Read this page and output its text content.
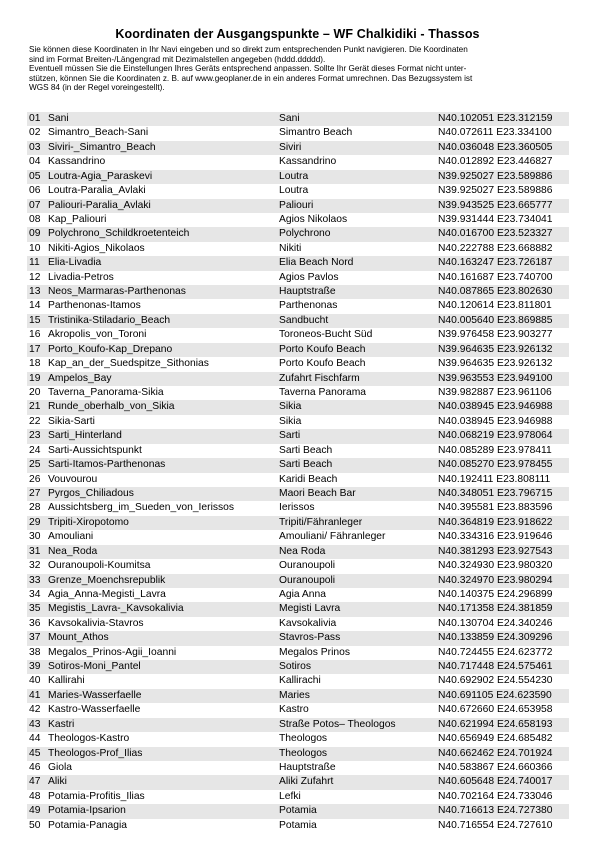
Koordinaten der Ausgangspunkte – WF Chalkidiki - Thassos
Sie können diese Koordinaten in Ihr Navi eingeben und so direkt zum entsprechenden Punkt navigieren. Die Koordinaten
sind im Format Breiten-/Längengrad mit Dezimalstellen angegeben (hddd.ddddd).
Eventuell müssen Sie die Einstellungen Ihres Geräts entsprechend anpassen. Sollte Ihr Gerät dieses Format nicht unter-
stützen, können Sie die Koordinaten z. B. auf www.geoplaner.de in ein anderes Format umrechnen. Das Bezugssystem ist
WGS 84 (in der Regel voreingestellt).
01 Sani	Sani	N40.102051 E23.312159
02 Simantro_Beach-Sani	Simantro Beach	N40.072611 E23.334100
03 Siviri-_Simantro_Beach	Siviri	N40.036048 E23.360505
04 Kassandrino	Kassandrino	N40.012892 E23.446827
05 Loutra-Agia_Paraskevi	Loutra	N39.925027 E23.589886
06 Loutra-Paralia_Avlaki	Loutra	N39.925027 E23.589886
07 Paliouri-Paralia_Avlaki	Paliouri	N39.943525 E23.665777
08 Kap_Paliouri	Agios Nikolaos	N39.931444 E23.734041
09 Polychrono_Schildkroetenteich	Polychrono	N40.016700 E23.523327
10 Nikiti-Agios_Nikolaos	Nikiti	N40.222788 E23.668882
11 Elia-Livadia	Elia Beach Nord	N40.163247 E23.726187
12 Livadia-Petros	Agios Pavlos	N40.161687 E23.740700
13 Neos_Marmaras-Parthenonas	Hauptstraße	N40.087865 E23.802630
14 Parthenonas-Itamos	Parthenonas	N40.120614 E23.811801
15 Tristinika-Stiladario_Beach	Sandbucht	N40.005640 E23.869885
16 Akropolis_von_Toroni	Toroneos-Bucht Süd	N39.976458 E23.903277
17 Porto_Koufo-Kap_Drepano	Porto Koufo Beach	N39.964635 E23.926132
18 Kap_an_der_Suedspitze_Sithonias	Porto Koufo Beach	N39.964635 E23.926132
19 Ampelos_Bay	Zufahrt Fischfarm	N39.963553 E23.949100
20 Taverna_Panorama-Sikia	Taverna Panorama	N39.982887 E23.961106
21 Runde_oberhalb_von_Sikia	Sikia	N40.038945 E23.946988
22 Sikia-Sarti	Sikia	N40.038945 E23.946988
23 Sarti_Hinterland	Sarti	N40.068219 E23.978064
24 Sarti-Aussichtspunkt	Sarti Beach	N40.085289 E23.978411
25 Sarti-Itamos-Parthenonas	Sarti Beach	N40.085270 E23.978455
26 Vouvourou	Karidi Beach	N40.192411 E23.808111
27 Pyrgos_Chiliadous	Maori Beach Bar	N40.348051 E23.796715
28 Aussichtsberg_im_Sueden_von_Ierissos	Ierissos	N40.395581 E23.883596
29 Tripiti-Xiropotomo	Tripiti/Fähranleger	N40.364819 E23.918622
30 Amouliani	Amouliani/ Fähranleger	N40.334316 E23.919646
31 Nea_Roda	Nea Roda	N40.381293 E23.927543
32 Ouranoupoli-Koumitsa	Ouranoupoli	N40.324930 E23.980320
33 Grenze_Moenchsrepublik	Ouranoupoli	N40.324970 E23.980294
34 Agia_Anna-Megisti_Lavra	Agia Anna	N40.140375 E24.296899
35 Megistis_Lavra-_Kavsokalivia	Megisti Lavra	N40.171358 E24.381859
36 Kavsokalivia-Stavros	Kavsokalivia	N40.130704 E24.340246
37 Mount_Athos	Stavros-Pass	N40.133859 E24.309296
38 Megalos_Prinos-Agii_Ioanni	Megalos Prinos	N40.724455 E24.623772
39 Sotiros-Moni_Pantel	Sotiros	N40.717448 E24.575461
40 Kallirahi	Kallirachi	N40.692902 E24.554230
41 Maries-Wasserfaelle	Maries	N40.691105 E24.623590
42 Kastro-Wasserfaelle	Kastro	N40.672660 E24.653958
43 Kastri	Straße Potos– Theologos	N40.621994 E24.658193
44 Theologos-Kastro	Theologos	N40.656949 E24.685482
45 Theologos-Prof_Ilias	Theologos	N40.662462 E24.701924
46 Giola	Hauptstraße	N40.583867 E24.660366
47 Aliki	Aliki Zufahrt	N40.605648 E24.740017
48 Potamia-Profitis_Ilias	Lefki	N40.702164 E24.733046
49 Potamia-Ipsarion	Potamia	N40.716613 E24.727380
50 Potamia-Panagia	Potamia	N40.716554 E24.727610
